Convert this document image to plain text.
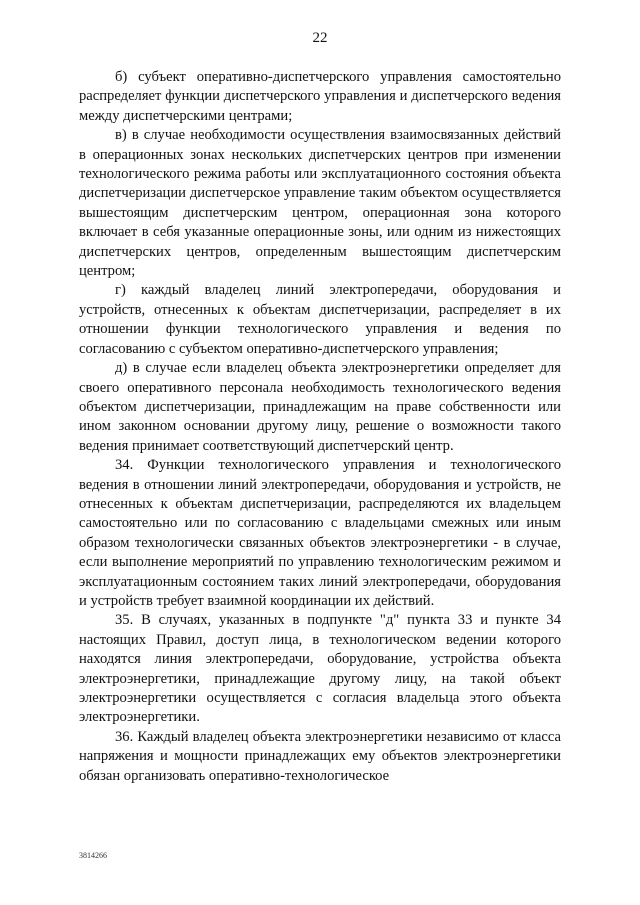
22

б) субъект оперативно-диспетчерского управления самостоятельно распределяет функции диспетчерского управления и диспетчерского ведения между диспетчерскими центрами;

в) в случае необходимости осуществления взаимосвязанных действий в операционных зонах нескольких диспетчерских центров при изменении технологического режима работы или эксплуатационного состояния объекта диспетчеризации диспетчерское управление таким объектом осуществляется вышестоящим диспетчерским центром, операционная зона которого включает в себя указанные операционные зоны, или одним из нижестоящих диспетчерских центров, определенным вышестоящим диспетчерским центром;

г) каждый владелец линий электропередачи, оборудования и устройств, отнесенных к объектам диспетчеризации, распределяет в их отношении функции технологического управления и ведения по согласованию с субъектом оперативно-диспетчерского управления;

д) в случае если владелец объекта электроэнергетики определяет для своего оперативного персонала необходимость технологического ведения объектом диспетчеризации, принадлежащим на праве собственности или ином законном основании другому лицу, решение о возможности такого ведения принимает соответствующий диспетчерский центр.

34. Функции технологического управления и технологического ведения в отношении линий электропередачи, оборудования и устройств, не отнесенных к объектам диспетчеризации, распределяются их владельцем самостоятельно или по согласованию с владельцами смежных или иным образом технологически связанных объектов электроэнергетики - в случае, если выполнение мероприятий по управлению технологическим режимом и эксплуатационным состоянием таких линий электропередачи, оборудования и устройств требует взаимной координации их действий.

35. В случаях, указанных в подпункте "д" пункта 33 и пункте 34 настоящих Правил, доступ лица, в технологическом ведении которого находятся линия электропередачи, оборудование, устройства объекта электроэнергетики, принадлежащие другому лицу, на такой объект электроэнергетики осуществляется с согласия владельца этого объекта электроэнергетики.

36. Каждый владелец объекта электроэнергетики независимо от класса напряжения и мощности принадлежащих ему объектов электроэнергетики обязан организовать оперативно-технологическое

3814266
